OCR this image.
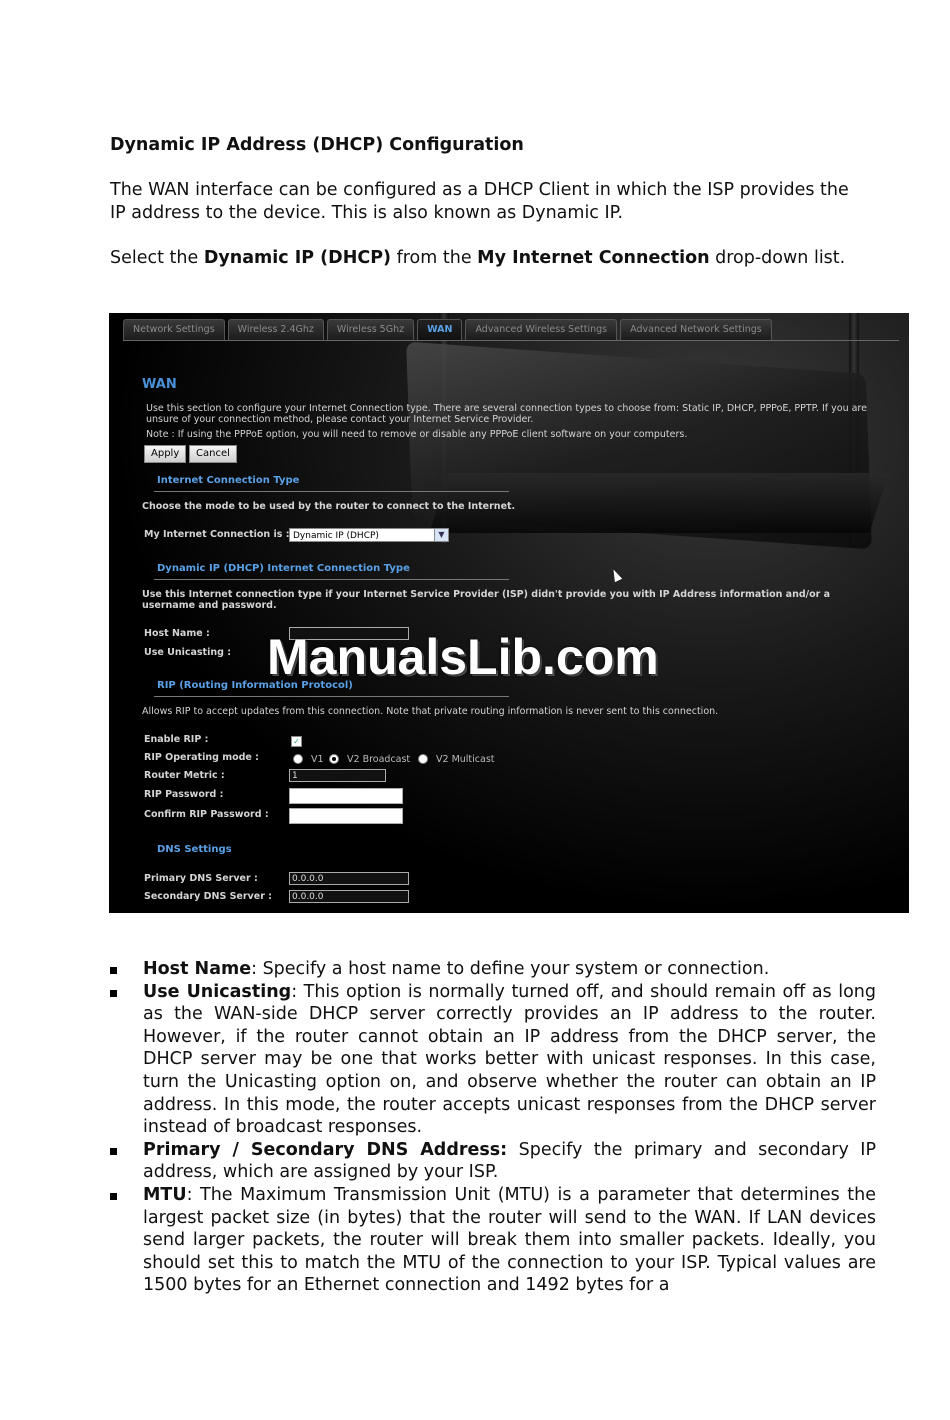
Dynamic IP Address (DHCP) Configuration
The WAN interface can be configured as a DHCP Client in which the ISP provides the IP address to the device. This is also known as Dynamic IP.
Select the Dynamic IP (DHCP) from the My Internet Connection drop-down list.
Network Settings	Wireless 2.4Ghz	Wireless 5Ghz	WAN	Advanced Wireless Settings	Advanced Network Settings
WAN
Use this section to configure your Internet Connection type. There are several connection types to choose from: Static IP, DHCP, PPPoE, PPTP. If you are unsure of your connection method, please contact your Internet Service Provider.
Note : If using the PPPoE option, you will need to remove or disable any PPPoE client software on your computers.
Apply	Cancel
Internet Connection Type
Choose the mode to be used by the router to connect to the Internet.
My Internet Connection is : Dynamic IP (DHCP)	▼
Dynamic IP (DHCP) Internet Connection Type
Use this Internet connection type if your Internet Service Provider (ISP) didn't provide you with IP Address information and/or a username and password.
Host Name :
Use Unicasting :
RIP (Routing Information Protocol)
Allows RIP to accept updates from this connection. Note that private routing information is never sent to this connection.
Enable RIP :	✓
RIP Operating mode :	V1 V2 Broadcast	V2 Multicast
Router Metric :	1
RIP Password :
Confirm RIP Password :
DNS Settings
Primary DNS Server :	0.0.0.0
Secondary DNS Server :	0.0.0.0
ManualsLib.com
Host Name: Specify a host name to define your system or connection.
Use Unicasting: This option is normally turned off, and should remain off as long as the WAN-side DHCP server correctly provides an IP address to the router. However, if the router cannot obtain an IP address from the DHCP server, the DHCP server may be one that works better with unicast responses. In this case, turn the Unicasting option on, and observe whether the router can obtain an IP address. In this mode, the router accepts unicast responses from the DHCP server instead of broadcast responses.
Primary / Secondary DNS Address: Specify the primary and secondary IP address, which are assigned by your ISP.
MTU: The Maximum Transmission Unit (MTU) is a parameter that determines the largest packet size (in bytes) that the router will send to the WAN. If LAN devices send larger packets, the router will break them into smaller packets. Ideally, you should set this to match the MTU of the connection to your ISP. Typical values are 1500 bytes for an Ethernet connection and 1492 bytes for a
